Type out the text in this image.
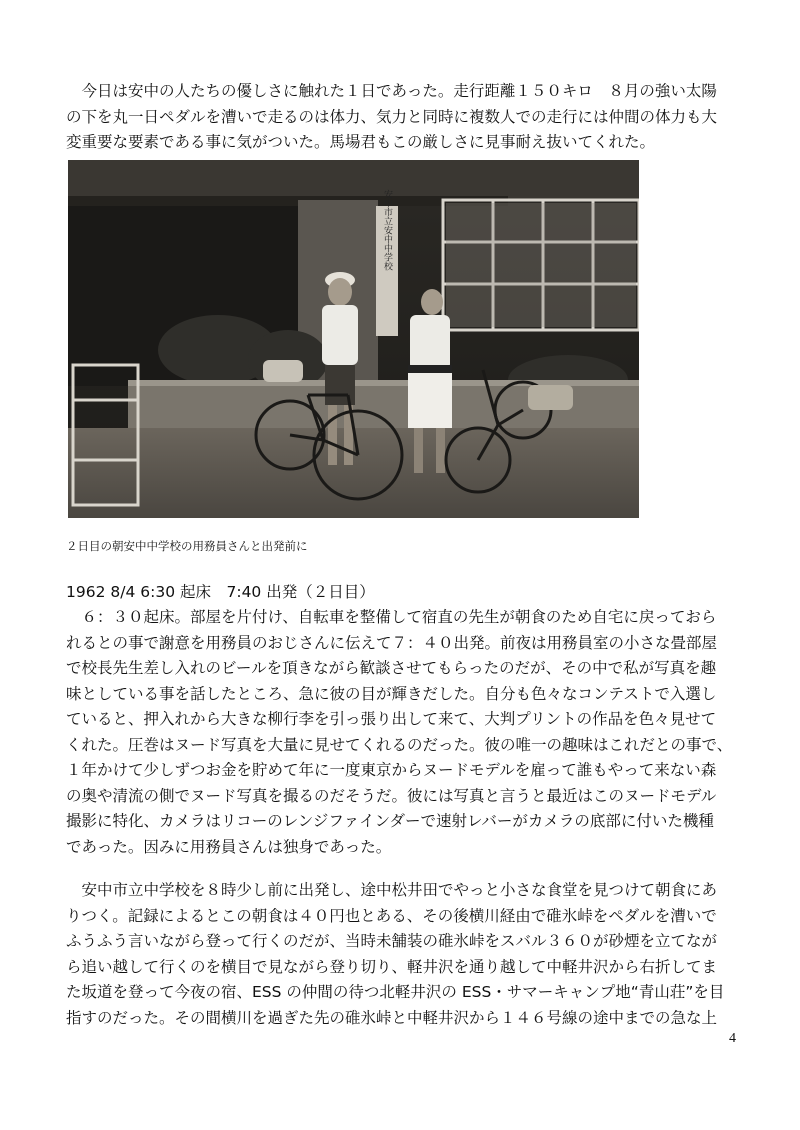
　今日は安中の人たちの優しさに触れた１日であった。走行距離１５０キロ　８月の強い太陽
の下を丸一日ペダルを漕いで走るのは体力、気力と同時に複数人での走行には仲間の体力も大
変重要な要素である事に気がついた。馬場君もこの厳しさに見事耐え抜いてくれた。
安中市立安中中学校
２日目の朝安中中学校の用務員さんと出発前に
1962 8/4 6:30 起床　7:40 出発（２日目）
　６：３０起床。部屋を片付け、自転車を整備して宿直の先生が朝食のため自宅に戻っておら
れるとの事で謝意を用務員のおじさんに伝えて７：４０出発。前夜は用務員室の小さな畳部屋
で校長先生差し入れのビールを頂きながら歓談させてもらったのだが、その中で私が写真を趣
味としている事を話したところ、急に彼の目が輝きだした。自分も色々なコンテストで入選し
ていると、押入れから大きな柳行李を引っ張り出して来て、大判プリントの作品を色々見せて
くれた。圧巻はヌード写真を大量に見せてくれるのだった。彼の唯一の趣味はこれだとの事で、
１年かけて少しずつお金を貯めて年に一度東京からヌードモデルを雇って誰もやって来ない森
の奥や清流の側でヌード写真を撮るのだそうだ。彼には写真と言うと最近はこのヌードモデル
撮影に特化、カメラはリコーのレンジファインダーで速射レバーがカメラの底部に付いた機種
であった。因みに用務員さんは独身であった。
　安中市立中学校を８時少し前に出発し、途中松井田でやっと小さな食堂を見つけて朝食にあ
りつく。記録によるとこの朝食は４０円也とある、その後横川経由で碓氷峠をペダルを漕いで
ふうふう言いながら登って行くのだが、当時未舗装の碓氷峠をスバル３６０が砂煙を立てなが
ら追い越して行くのを横目で見ながら登り切り、軽井沢を通り越して中軽井沢から右折してま
た坂道を登って今夜の宿、ESS の仲間の待つ北軽井沢の ESS・サマーキャンプ地“青山荘”を目
指すのだった。その間横川を過ぎた先の碓氷峠と中軽井沢から１４６号線の途中までの急な上
4
